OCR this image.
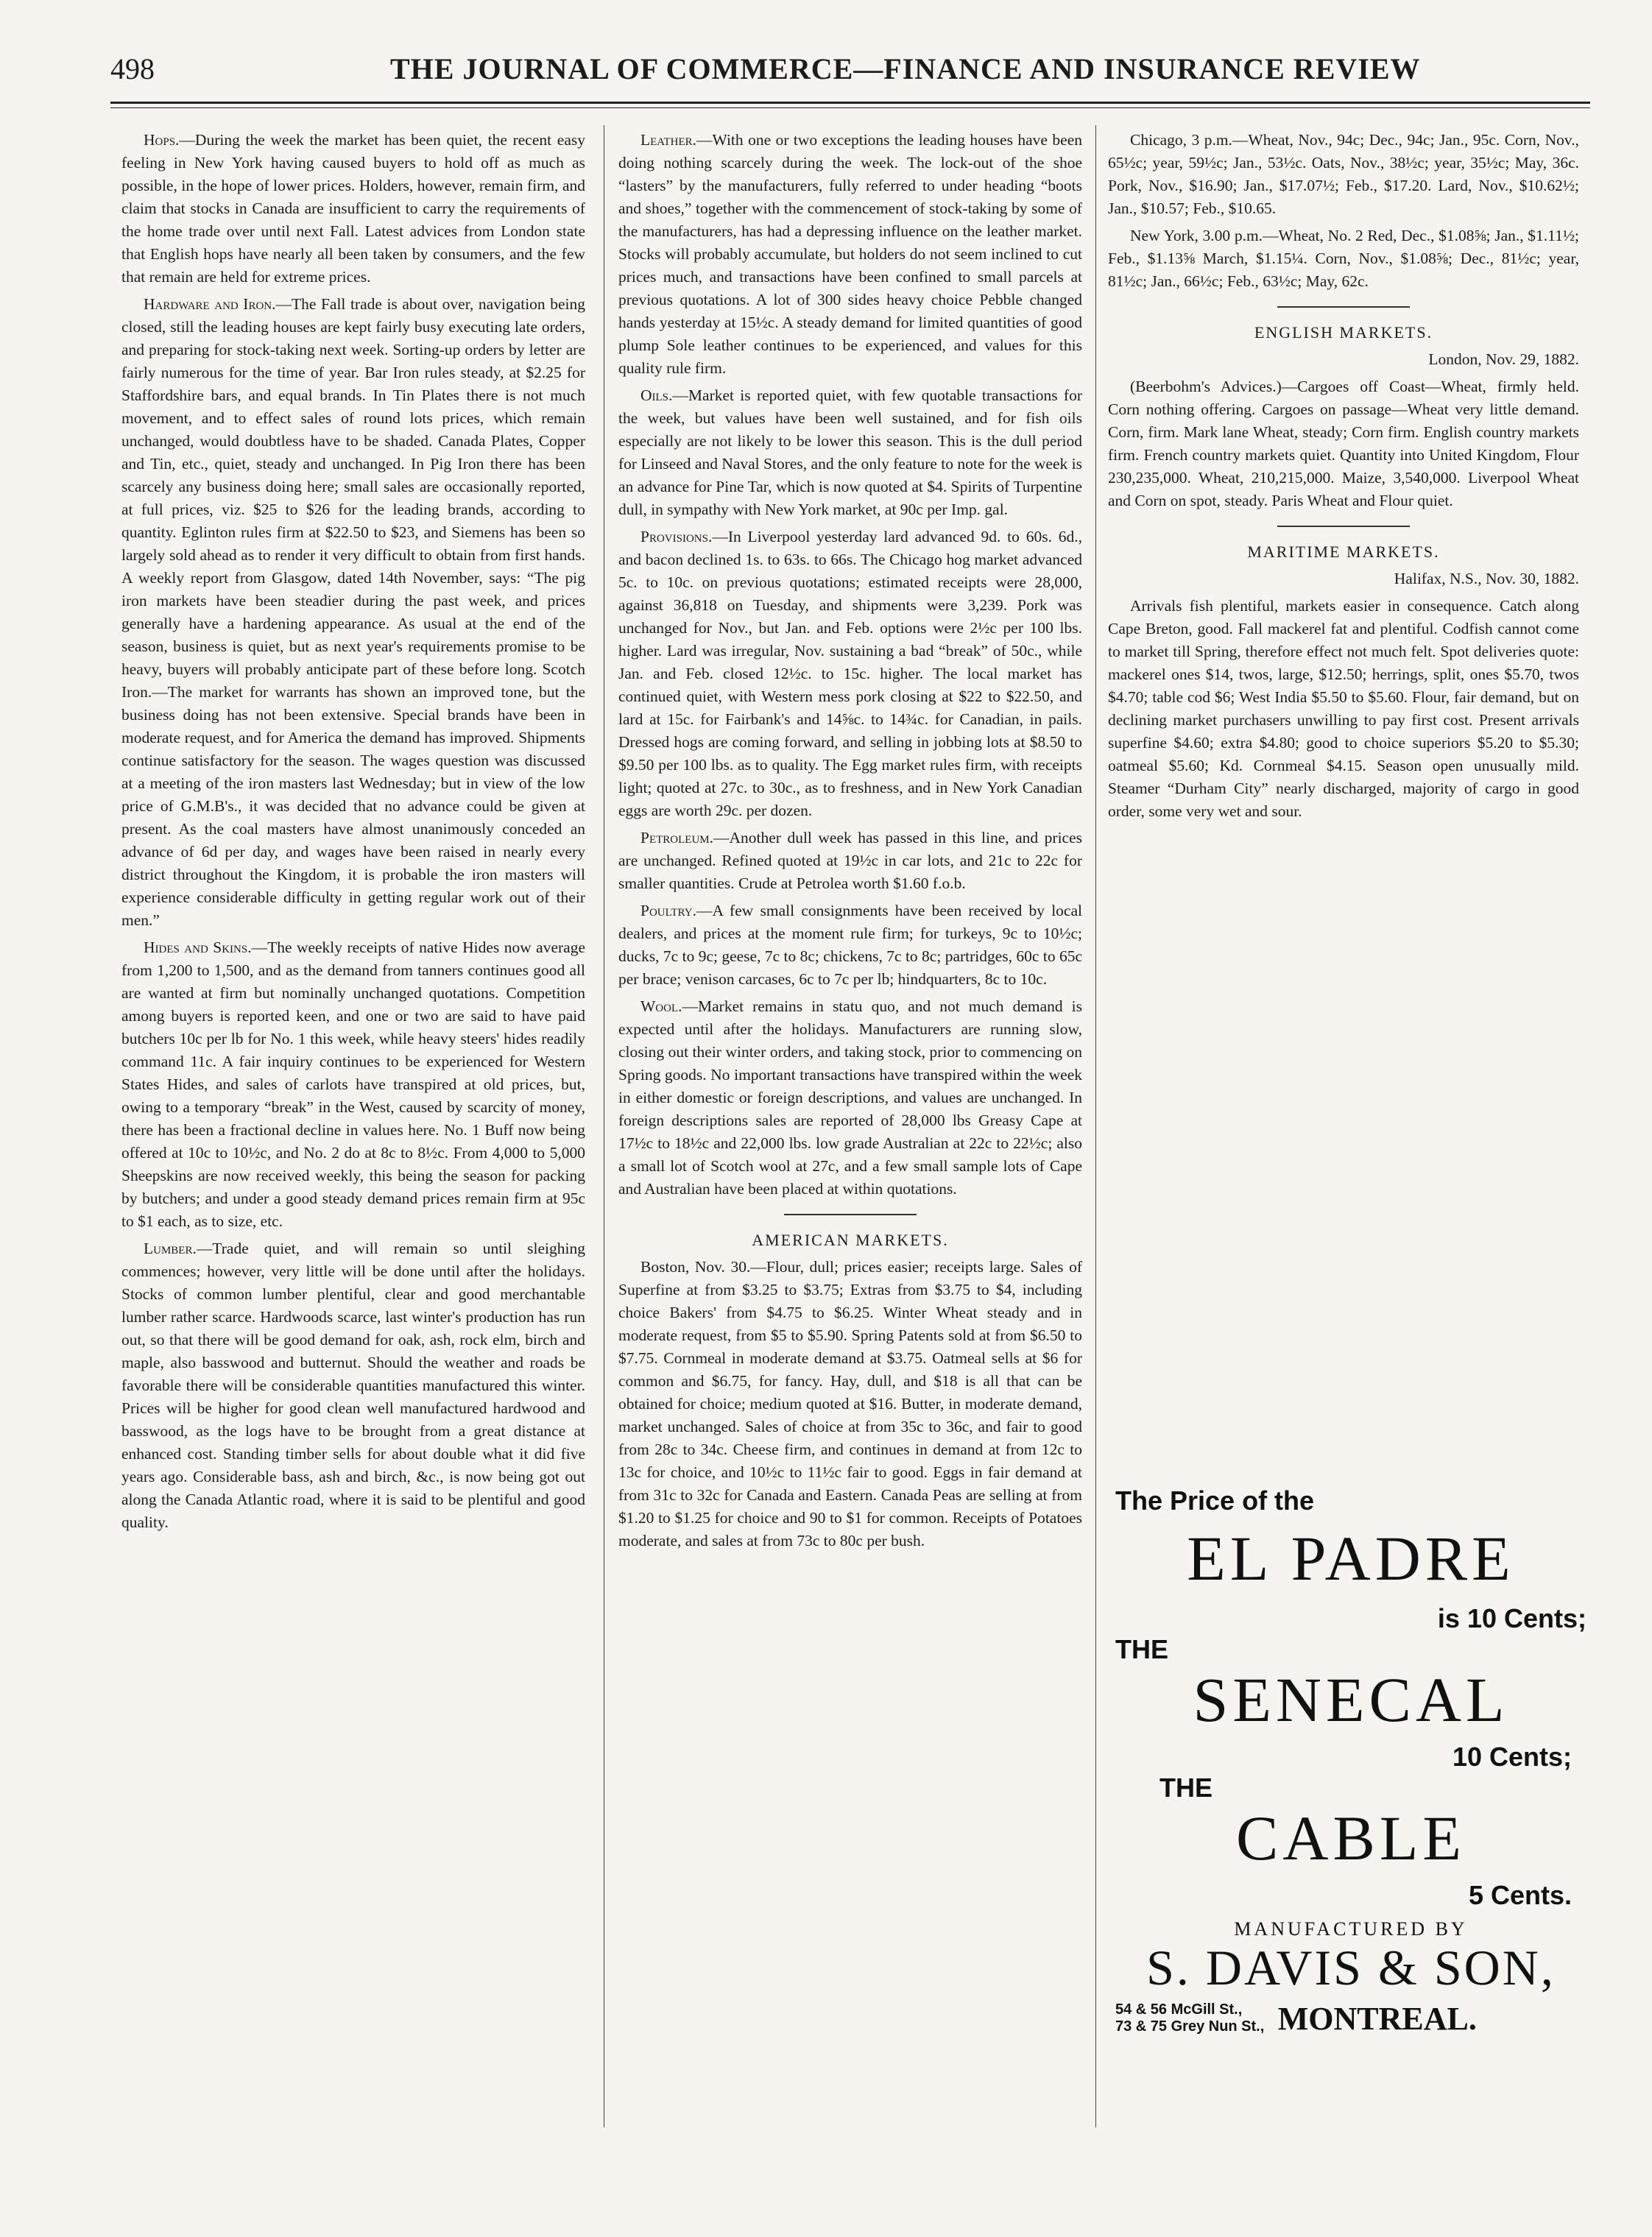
498	THE JOURNAL OF COMMERCE—FINANCE AND INSURANCE REVIEW

Hops.—During the week the market has been quiet, the recent easy feeling in New York having caused buyers to hold off as much as possible, in the hope of lower prices. Holders, however, remain firm, and claim that stocks in Canada are insufficient to carry the requirements of the home trade over until next Fall. Latest advices from London state that English hops have nearly all been taken by consumers, and the few that remain are held for extreme prices.

Hardware and Iron.—The Fall trade is about over, navigation being closed, still the leading houses are kept fairly busy executing late orders, and preparing for stock-taking next week. Sorting-up orders by letter are fairly numerous for the time of year. Bar Iron rules steady, at $2.25 for Staffordshire bars, and equal brands. In Tin Plates there is not much movement, and to effect sales of round lots prices, which remain unchanged, would doubtless have to be shaded. Canada Plates, Copper and Tin, etc., quiet, steady and unchanged. In Pig Iron there has been scarcely any business doing here; small sales are occasionally reported, at full prices, viz. $25 to $26 for the leading brands, according to quantity. Eglinton rules firm at $22.50 to $23, and Siemens has been so largely sold ahead as to render it very difficult to obtain from first hands. A weekly report from Glasgow, dated 14th November, says: “The pig iron markets have been steadier during the past week, and prices generally have a hardening appearance. As usual at the end of the season, business is quiet, but as next year's requirements promise to be heavy, buyers will probably anticipate part of these before long. Scotch Iron.—The market for warrants has shown an improved tone, but the business doing has not been extensive. Special brands have been in moderate request, and for America the demand has improved. Shipments continue satisfactory for the season. The wages question was discussed at a meeting of the iron masters last Wednesday; but in view of the low price of G.M.B's., it was decided that no advance could be given at present. As the coal masters have almost unanimously conceded an advance of 6d per day, and wages have been raised in nearly every district throughout the Kingdom, it is probable the iron masters will experience considerable difficulty in getting regular work out of their men.”

Hides and Skins.—The weekly receipts of native Hides now average from 1,200 to 1,500, and as the demand from tanners continues good all are wanted at firm but nominally unchanged quotations. Competition among buyers is reported keen, and one or two are said to have paid butchers 10c per lb for No. 1 this week, while heavy steers' hides readily command 11c. A fair inquiry continues to be experienced for Western States Hides, and sales of carlots have transpired at old prices, but, owing to a temporary “break” in the West, caused by scarcity of money, there has been a fractional decline in values here. No. 1 Buff now being offered at 10c to 10½c, and No. 2 do at 8c to 8½c. From 4,000 to 5,000 Sheepskins are now received weekly, this being the season for packing by butchers; and under a good steady demand prices remain firm at 95c to $1 each, as to size, etc.

Lumber.—Trade quiet, and will remain so until sleighing commences; however, very little will be done until after the holidays. Stocks of common lumber plentiful, clear and good merchantable lumber rather scarce. Hardwoods scarce, last winter's production has run out, so that there will be good demand for oak, ash, rock elm, birch and maple, also basswood and butternut. Should the weather and roads be favorable there will be considerable quantities manufactured this winter. Prices will be higher for good clean well manufactured hardwood and basswood, as the logs have to be brought from a great distance at enhanced cost. Standing timber sells for about double what it did five years ago. Considerable bass, ash and birch, &c., is now being got out along the Canada Atlantic road, where it is said to be plentiful and good quality.

Leather.—With one or two exceptions the leading houses have been doing nothing scarcely during the week. The lock-out of the shoe “lasters” by the manufacturers, fully referred to under heading “boots and shoes,” together with the commencement of stock-taking by some of the manufacturers, has had a depressing influence on the leather market. Stocks will probably accumulate, but holders do not seem inclined to cut prices much, and transactions have been confined to small parcels at previous quotations. A lot of 300 sides heavy choice Pebble changed hands yesterday at 15½c. A steady demand for limited quantities of good plump Sole leather continues to be experienced, and values for this quality rule firm.

Oils.—Market is reported quiet, with few quotable transactions for the week, but values have been well sustained, and for fish oils especially are not likely to be lower this season. This is the dull period for Linseed and Naval Stores, and the only feature to note for the week is an advance for Pine Tar, which is now quoted at $4. Spirits of Turpentine dull, in sympathy with New York market, at 90c per Imp. gal.

Provisions.—In Liverpool yesterday lard advanced 9d. to 60s. 6d., and bacon declined 1s. to 63s. to 66s. The Chicago hog market advanced 5c. to 10c. on previous quotations; estimated receipts were 28,000, against 36,818 on Tuesday, and shipments were 3,239. Pork was unchanged for Nov., but Jan. and Feb. options were 2½c per 100 lbs. higher. Lard was irregular, Nov. sustaining a bad “break” of 50c., while Jan. and Feb. closed 12½c. to 15c. higher. The local market has continued quiet, with Western mess pork closing at $22 to $22.50, and lard at 15c. for Fairbank's and 14⅝c. to 14¾c. for Canadian, in pails. Dressed hogs are coming forward, and selling in jobbing lots at $8.50 to $9.50 per 100 lbs. as to quality. The Egg market rules firm, with receipts light; quoted at 27c. to 30c., as to freshness, and in New York Canadian eggs are worth 29c. per dozen.

Petroleum.—Another dull week has passed in this line, and prices are unchanged. Refined quoted at 19½c in car lots, and 21c to 22c for smaller quantities. Crude at Petrolea worth $1.60 f.o.b.

Poultry.—A few small consignments have been received by local dealers, and prices at the moment rule firm; for turkeys, 9c to 10½c; ducks, 7c to 9c; geese, 7c to 8c; chickens, 7c to 8c; partridges, 60c to 65c per brace; venison carcases, 6c to 7c per lb; hindquarters, 8c to 10c.

Wool.—Market remains in statu quo, and not much demand is expected until after the holidays. Manufacturers are running slow, closing out their winter orders, and taking stock, prior to commencing on Spring goods. No important transactions have transpired within the week in either domestic or foreign descriptions, and values are unchanged. In foreign descriptions sales are reported of 28,000 lbs Greasy Cape at 17½c to 18½c and 22,000 lbs. low grade Australian at 22c to 22½c; also a small lot of Scotch wool at 27c, and a few small sample lots of Cape and Australian have been placed at within quotations.

AMERICAN MARKETS.

Boston, Nov. 30.—Flour, dull; prices easier; receipts large. Sales of Superfine at from $3.25 to $3.75; Extras from $3.75 to $4, including choice Bakers' from $4.75 to $6.25. Winter Wheat steady and in moderate request, from $5 to $5.90. Spring Patents sold at from $6.50 to $7.75. Cornmeal in moderate demand at $3.75. Oatmeal sells at $6 for common and $6.75, for fancy. Hay, dull, and $18 is all that can be obtained for choice; medium quoted at $16. Butter, in moderate demand, market unchanged. Sales of choice at from 35c to 36c, and fair to good from 28c to 34c. Cheese firm, and continues in demand at from 12c to 13c for choice, and 10½c to 11½c fair to good. Eggs in fair demand at from 31c to 32c for Canada and Eastern. Canada Peas are selling at from $1.20 to $1.25 for choice and 90 to $1 for common. Receipts of Potatoes moderate, and sales at from 73c to 80c per bush.

Chicago, 3 p.m.—Wheat, Nov., 94c; Dec., 94c; Jan., 95c. Corn, Nov., 65½c; year, 59½c; Jan., 53½c. Oats, Nov., 38½c; year, 35½c; May, 36c. Pork, Nov., $16.90; Jan., $17.07½; Feb., $17.20. Lard, Nov., $10.62½; Jan., $10.57; Feb., $10.65.

New York, 3.00 p.m.—Wheat, No. 2 Red, Dec., $1.08⅝; Jan., $1.11½; Feb., $1.13⅝ March, $1.15¼. Corn, Nov., $1.08⅝; Dec., 81½c; year, 81½c; Jan., 66½c; Feb., 63½c; May, 62c.

ENGLISH MARKETS.

London, Nov. 29, 1882.

(Beerbohm's Advices.)—Cargoes off Coast—Wheat, firmly held. Corn nothing offering. Cargoes on passage—Wheat very little demand. Corn, firm. Mark lane Wheat, steady; Corn firm. English country markets firm. French country markets quiet. Quantity into United Kingdom, Flour 230,235,000. Wheat, 210,215,000. Maize, 3,540,000. Liverpool Wheat and Corn on spot, steady. Paris Wheat and Flour quiet.

MARITIME MARKETS.

Halifax, N.S., Nov. 30, 1882.

Arrivals fish plentiful, markets easier in consequence. Catch along Cape Breton, good. Fall mackerel fat and plentiful. Codfish cannot come to market till Spring, therefore effect not much felt. Spot deliveries quote: mackerel ones $14, twos, large, $12.50; herrings, split, ones $5.70, twos $4.70; table cod $6; West India $5.50 to $5.60. Flour, fair demand, but on declining market purchasers unwilling to pay first cost. Present arrivals superfine $4.60; extra $4.80; good to choice superiors $5.20 to $5.30; oatmeal $5.60; Kd. Cornmeal $4.15. Season open unusually mild. Steamer “Durham City” nearly discharged, majority of cargo in good order, some very wet and sour.

The Price of the
EL PADRE
is 10 Cents;
THE
SENECAL
10 Cents;
THE
CABLE
5 Cents.
MANUFACTURED BY
S. DAVIS & SON,
54 & 56 McGill St.,
73 & 75 Grey Nun St., MONTREAL.
